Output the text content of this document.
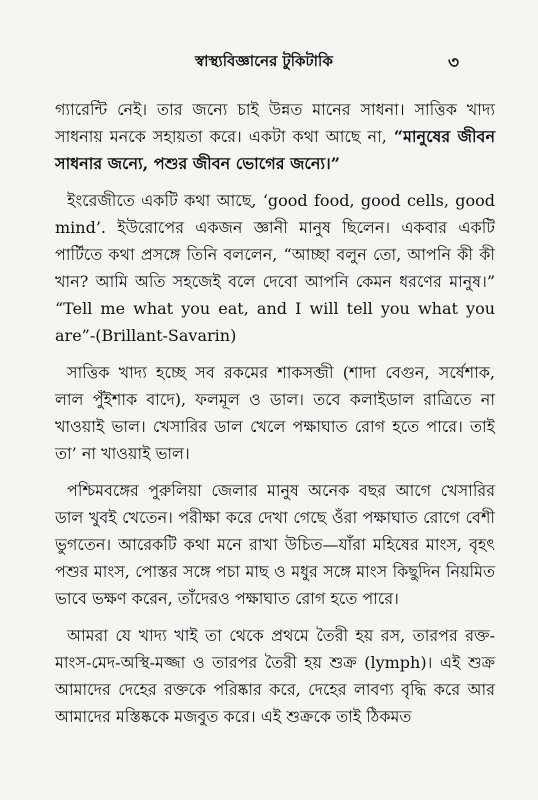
স্বাস্থ্যবিজ্ঞানের টুকিটাকি	৩

গ্যারেন্টি নেই। তার জন্যে চাই উন্নত মানের সাধনা। সাত্তিক খাদ্য সাধনায় মনকে সহায়তা করে। একটা কথা আছে না, “মানুষের জীবন সাধনার জন্যে, পশুর জীবন ভোগের জন্যে।”

ইংরেজীতে একটি কথা আছে, ‘good food, good cells, good mind’. ইউরোপের একজন জ্ঞানী মানুষ ছিলেন। একবার একটি পার্টিতে কথা প্রসঙ্গে তিনি বললেন, “আচ্ছা বলুন তো, আপনি কী কী খান? আমি অতি সহজেই বলে দেবো আপনি কেমন ধরণের মানুষ।” “Tell me what you eat, and I will tell you what you are”-(Brillant-Savarin)

সাত্তিক খাদ্য হচ্ছে সব রকমের শাকসব্জী (শাদা বেগুন, সর্ষেশাক, লাল পুঁইশাক বাদে), ফলমূল ও ডাল। তবে কলাইডাল রাত্রিতে না খাওয়াই ভাল। খেসারির ডাল খেলে পক্ষাঘাত রোগ হতে পারে। তাই তা’ না খাওয়াই ভাল।

পশ্চিমবঙ্গের পুরুলিয়া জেলার মানুষ অনেক বছর আগে খেসারির ডাল খুবই খেতেন। পরীক্ষা করে দেখা গেছে ওঁরা পক্ষাঘাত রোগে বেশী ভুগতেন। আরেকটি কথা মনে রাখা উচিত—যাঁরা মহিষের মাংস, বৃহৎ পশুর মাংস, পোস্তর সঙ্গে পচা মাছ ও মধুর সঙ্গে মাংস কিছুদিন নিয়মিত ভাবে ভক্ষণ করেন, তাঁদেরও পক্ষাঘাত রোগ হতে পারে।

আমরা যে খাদ্য খাই তা থেকে প্রথমে তৈরী হয় রস, তারপর রক্ত-মাংস-মেদ-অস্থি-মজ্জা ও তারপর তৈরী হয় শুক্র (lymph)। এই শুক্র আমাদের দেহের রক্তকে পরিষ্কার করে, দেহের লাবণ্য বৃদ্ধি করে আর আমাদের মস্তিষ্ককে মজবুত করে। এই শুক্রকে তাই ঠিকমত
